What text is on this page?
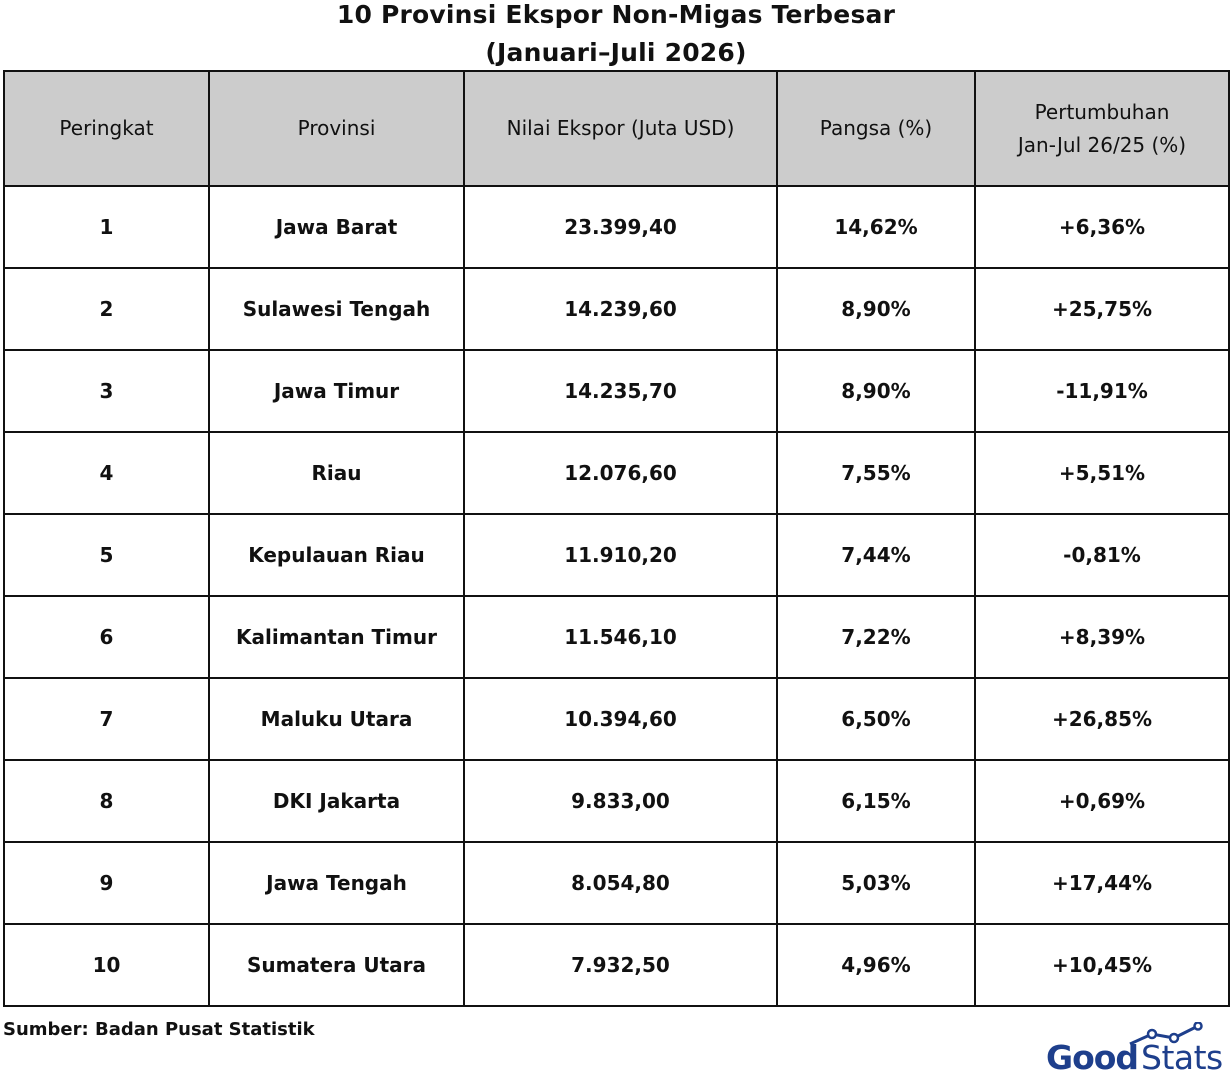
10 Provinsi Ekspor Non-Migas Terbesar
(Januari–Juli 2026)
Peringkat	Provinsi	Nilai Ekspor (Juta USD)	Pangsa (%)	Pertumbuhan
Jan-Jul 26/25 (%)
1	Jawa Barat	23.399,40	14,62%	+6,36%
2	Sulawesi Tengah	14.239,60	8,90%	+25,75%
3	Jawa Timur	14.235,70	8,90%	-11,91%
4	Riau	12.076,60	7,55%	+5,51%
5	Kepulauan Riau	11.910,20	7,44%	-0,81%
6	Kalimantan Timur	11.546,10	7,22%	+8,39%
7	Maluku Utara	10.394,60	6,50%	+26,85%
8	DKI Jakarta	9.833,00	6,15%	+0,69%
9	Jawa Tengah	8.054,80	5,03%	+17,44%
10	Sumatera Utara	7.932,50	4,96%	+10,45%
Sumber: Badan Pusat Statistik
Good Stats
